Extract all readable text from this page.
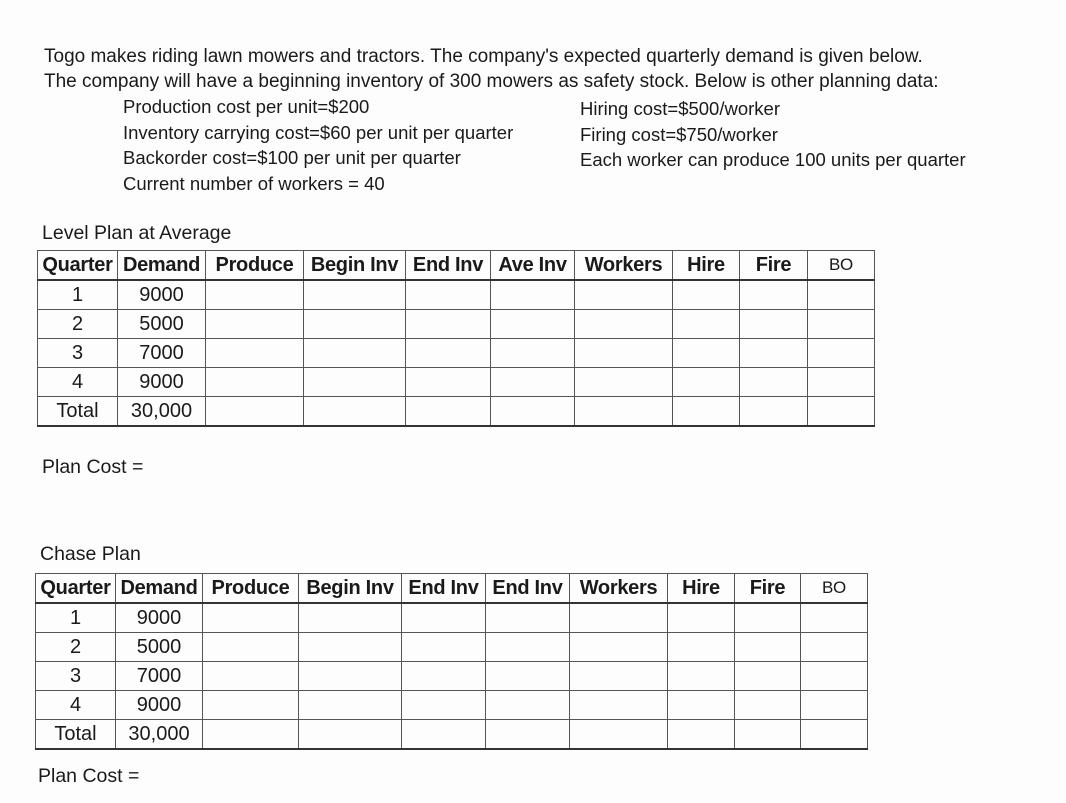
Togo makes riding lawn mowers and tractors. The company's expected quarterly demand is given below.
The company will have a beginning inventory of 300 mowers as safety stock. Below is other planning data:
Production cost per unit=$200
Inventory carrying cost=$60 per unit per quarter
Backorder cost=$100 per unit per quarter
Current number of workers = 40
Hiring cost=$500/worker
Firing cost=$750/worker
Each worker can produce 100 units per quarter
Level Plan at Average
Quarter	Demand	Produce	Begin Inv	End Inv	Ave Inv	Workers	Hire	Fire	BO
1	9000								
2	5000								
3	7000								
4	9000								
Total	30,000								
Plan Cost =
Chase Plan
Quarter	Demand	Produce	Begin Inv	End Inv	End Inv	Workers	Hire	Fire	BO
1	9000								
2	5000								
3	7000								
4	9000								
Total	30,000								
Plan Cost =
